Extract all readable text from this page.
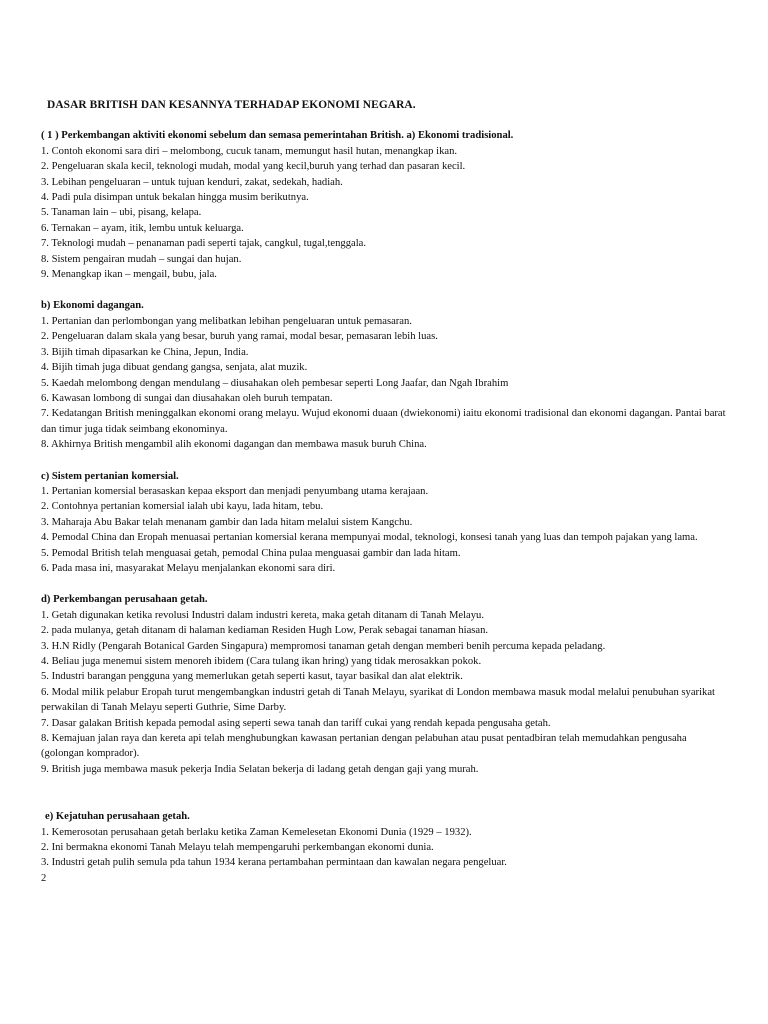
DASAR BRITISH DAN KESANNYA TERHADAP EKONOMI NEGARA.
( 1 ) Perkembangan aktiviti ekonomi sebelum dan semasa pemerintahan British. a) Ekonomi tradisional.
1. Contoh ekonomi sara diri – melombong, cucuk tanam, memungut hasil hutan, menangkap ikan.
2. Pengeluaran skala kecil, teknologi mudah, modal yang kecil,buruh yang terhad dan pasaran kecil.
3. Lebihan pengeluaran – untuk tujuan kenduri, zakat, sedekah, hadiah.
4. Padi pula disimpan untuk bekalan hingga musim berikutnya.
5. Tanaman lain – ubi, pisang, kelapa.
6. Ternakan – ayam, itik, lembu untuk keluarga.
7. Teknologi mudah – penanaman padi seperti tajak, cangkul, tugal,tenggala.
8. Sistem pengairan mudah – sungai dan hujan.
9. Menangkap ikan – mengail, bubu, jala.
b) Ekonomi dagangan.
1. Pertanian dan perlombongan yang melibatkan lebihan pengeluaran untuk pemasaran.
2. Pengeluaran dalam skala yang besar, buruh yang ramai, modal besar, pemasaran lebih luas.
3. Bijih timah dipasarkan ke China, Jepun, India.
4. Bijih timah juga dibuat gendang gangsa, senjata, alat muzik.
5. Kaedah melombong dengan mendulang – diusahakan oleh pembesar seperti Long Jaafar, dan Ngah Ibrahim
6. Kawasan lombong di sungai dan diusahakan oleh buruh tempatan.
7. Kedatangan British meninggalkan ekonomi orang melayu. Wujud ekonomi duaan (dwiekonomi) iaitu ekonomi tradisional dan ekonomi dagangan. Pantai barat dan timur juga tidak seimbang ekonominya.
8. Akhirnya British mengambil alih ekonomi dagangan dan membawa masuk buruh China.
c) Sistem pertanian komersial.
1. Pertanian komersial berasaskan kepaa eksport dan menjadi penyumbang utama kerajaan.
2. Contohnya pertanian komersial ialah ubi kayu, lada hitam, tebu.
3. Maharaja Abu Bakar telah menanam gambir dan lada hitam melalui sistem Kangchu.
4. Pemodal China dan Eropah menuasai pertanian komersial kerana mempunyai modal, teknologi, konsesi tanah yang luas dan tempoh pajakan yang lama.
5. Pemodal British telah menguasai getah, pemodal China pulaa menguasai gambir dan lada hitam.
6. Pada masa ini, masyarakat Melayu menjalankan ekonomi sara diri.
d) Perkembangan perusahaan getah.
1. Getah digunakan ketika revolusi Industri dalam industri kereta, maka getah ditanam di Tanah Melayu.
2. pada mulanya, getah ditanam di halaman kediaman Residen Hugh Low, Perak sebagai tanaman hiasan.
3. H.N Ridly (Pengarah Botanical Garden Singapura) mempromosi tanaman getah dengan memberi benih percuma kepada peladang.
4. Beliau juga menemui sistem menoreh ibidem (Cara tulang ikan hring) yang tidak merosakkan pokok.
5. Industri barangan pengguna yang memerlukan getah seperti kasut, tayar basikal dan alat elektrik.
6. Modal milik pelabur Eropah turut mengembangkan industri getah di Tanah Melayu, syarikat di London membawa masuk modal melalui penubuhan syarikat perwakilan di Tanah Melayu seperti Guthrie, Sime Darby.
7. Dasar galakan British kepada pemodal asing seperti sewa tanah dan tariff cukai yang rendah kepada pengusaha getah.
8. Kemajuan jalan raya dan kereta api telah menghubungkan kawasan pertanian dengan pelabuhan atau pusat pentadbiran telah memudahkan pengusaha (golongan komprador).
9. British juga membawa masuk pekerja India Selatan bekerja di ladang getah dengan gaji yang murah.
e) Kejatuhan perusahaan getah.
1. Kemerosotan perusahaan getah berlaku ketika Zaman Kemelesetan Ekonomi Dunia (1929 – 1932).
2. Ini bermakna ekonomi Tanah Melayu telah mempengaruhi perkembangan ekonomi dunia.
3. Industri getah pulih semula pda tahun 1934 kerana pertambahan permintaan dan kawalan negara pengeluar.
2
